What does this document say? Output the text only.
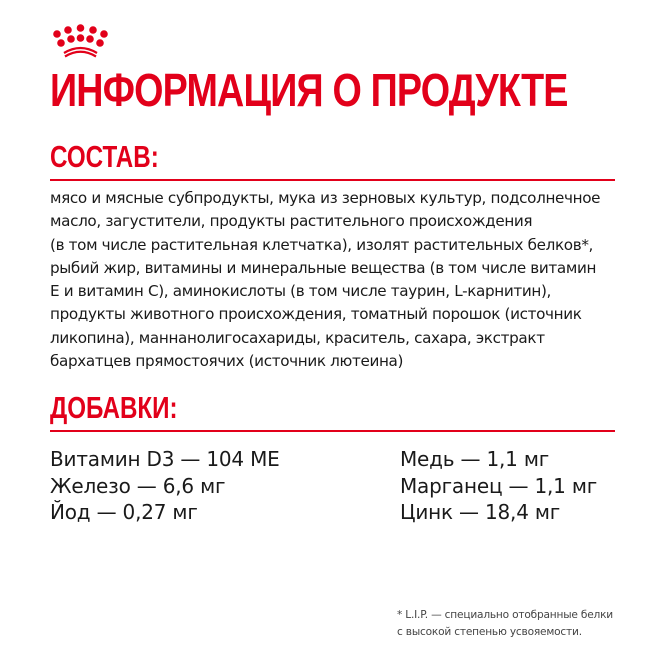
ИНФОРМАЦИЯ О ПРОДУКТЕ
СОСТАВ:

мясо и мясные субпродукты, мука из зерновых культур, подсолнечное
масло, загустители, продукты растительного происхождения
(в том числе растительная клетчатка), изолят растительных белков*,
рыбий жир, витамины и минеральные вещества (в том числе витамин
Е и витамин С), аминокислоты (в том числе таурин, L-карнитин),
продукты животного происхождения, томатный порошок (источник
ликопина), маннанолигосахариды, краситель, сахара, экстракт
бархатцев прямостоячих (источник лютеина)

ДОБАВКИ:
Витамин D3 — 104 МЕ	Медь — 1,1 мг
Железо — 6,6 мг	Марганец — 1,1 мг
Йод — 0,27 мг	Цинк — 18,4 мг
* L.I.P. — специально отобранные белки
с высокой степенью усвояемости.
